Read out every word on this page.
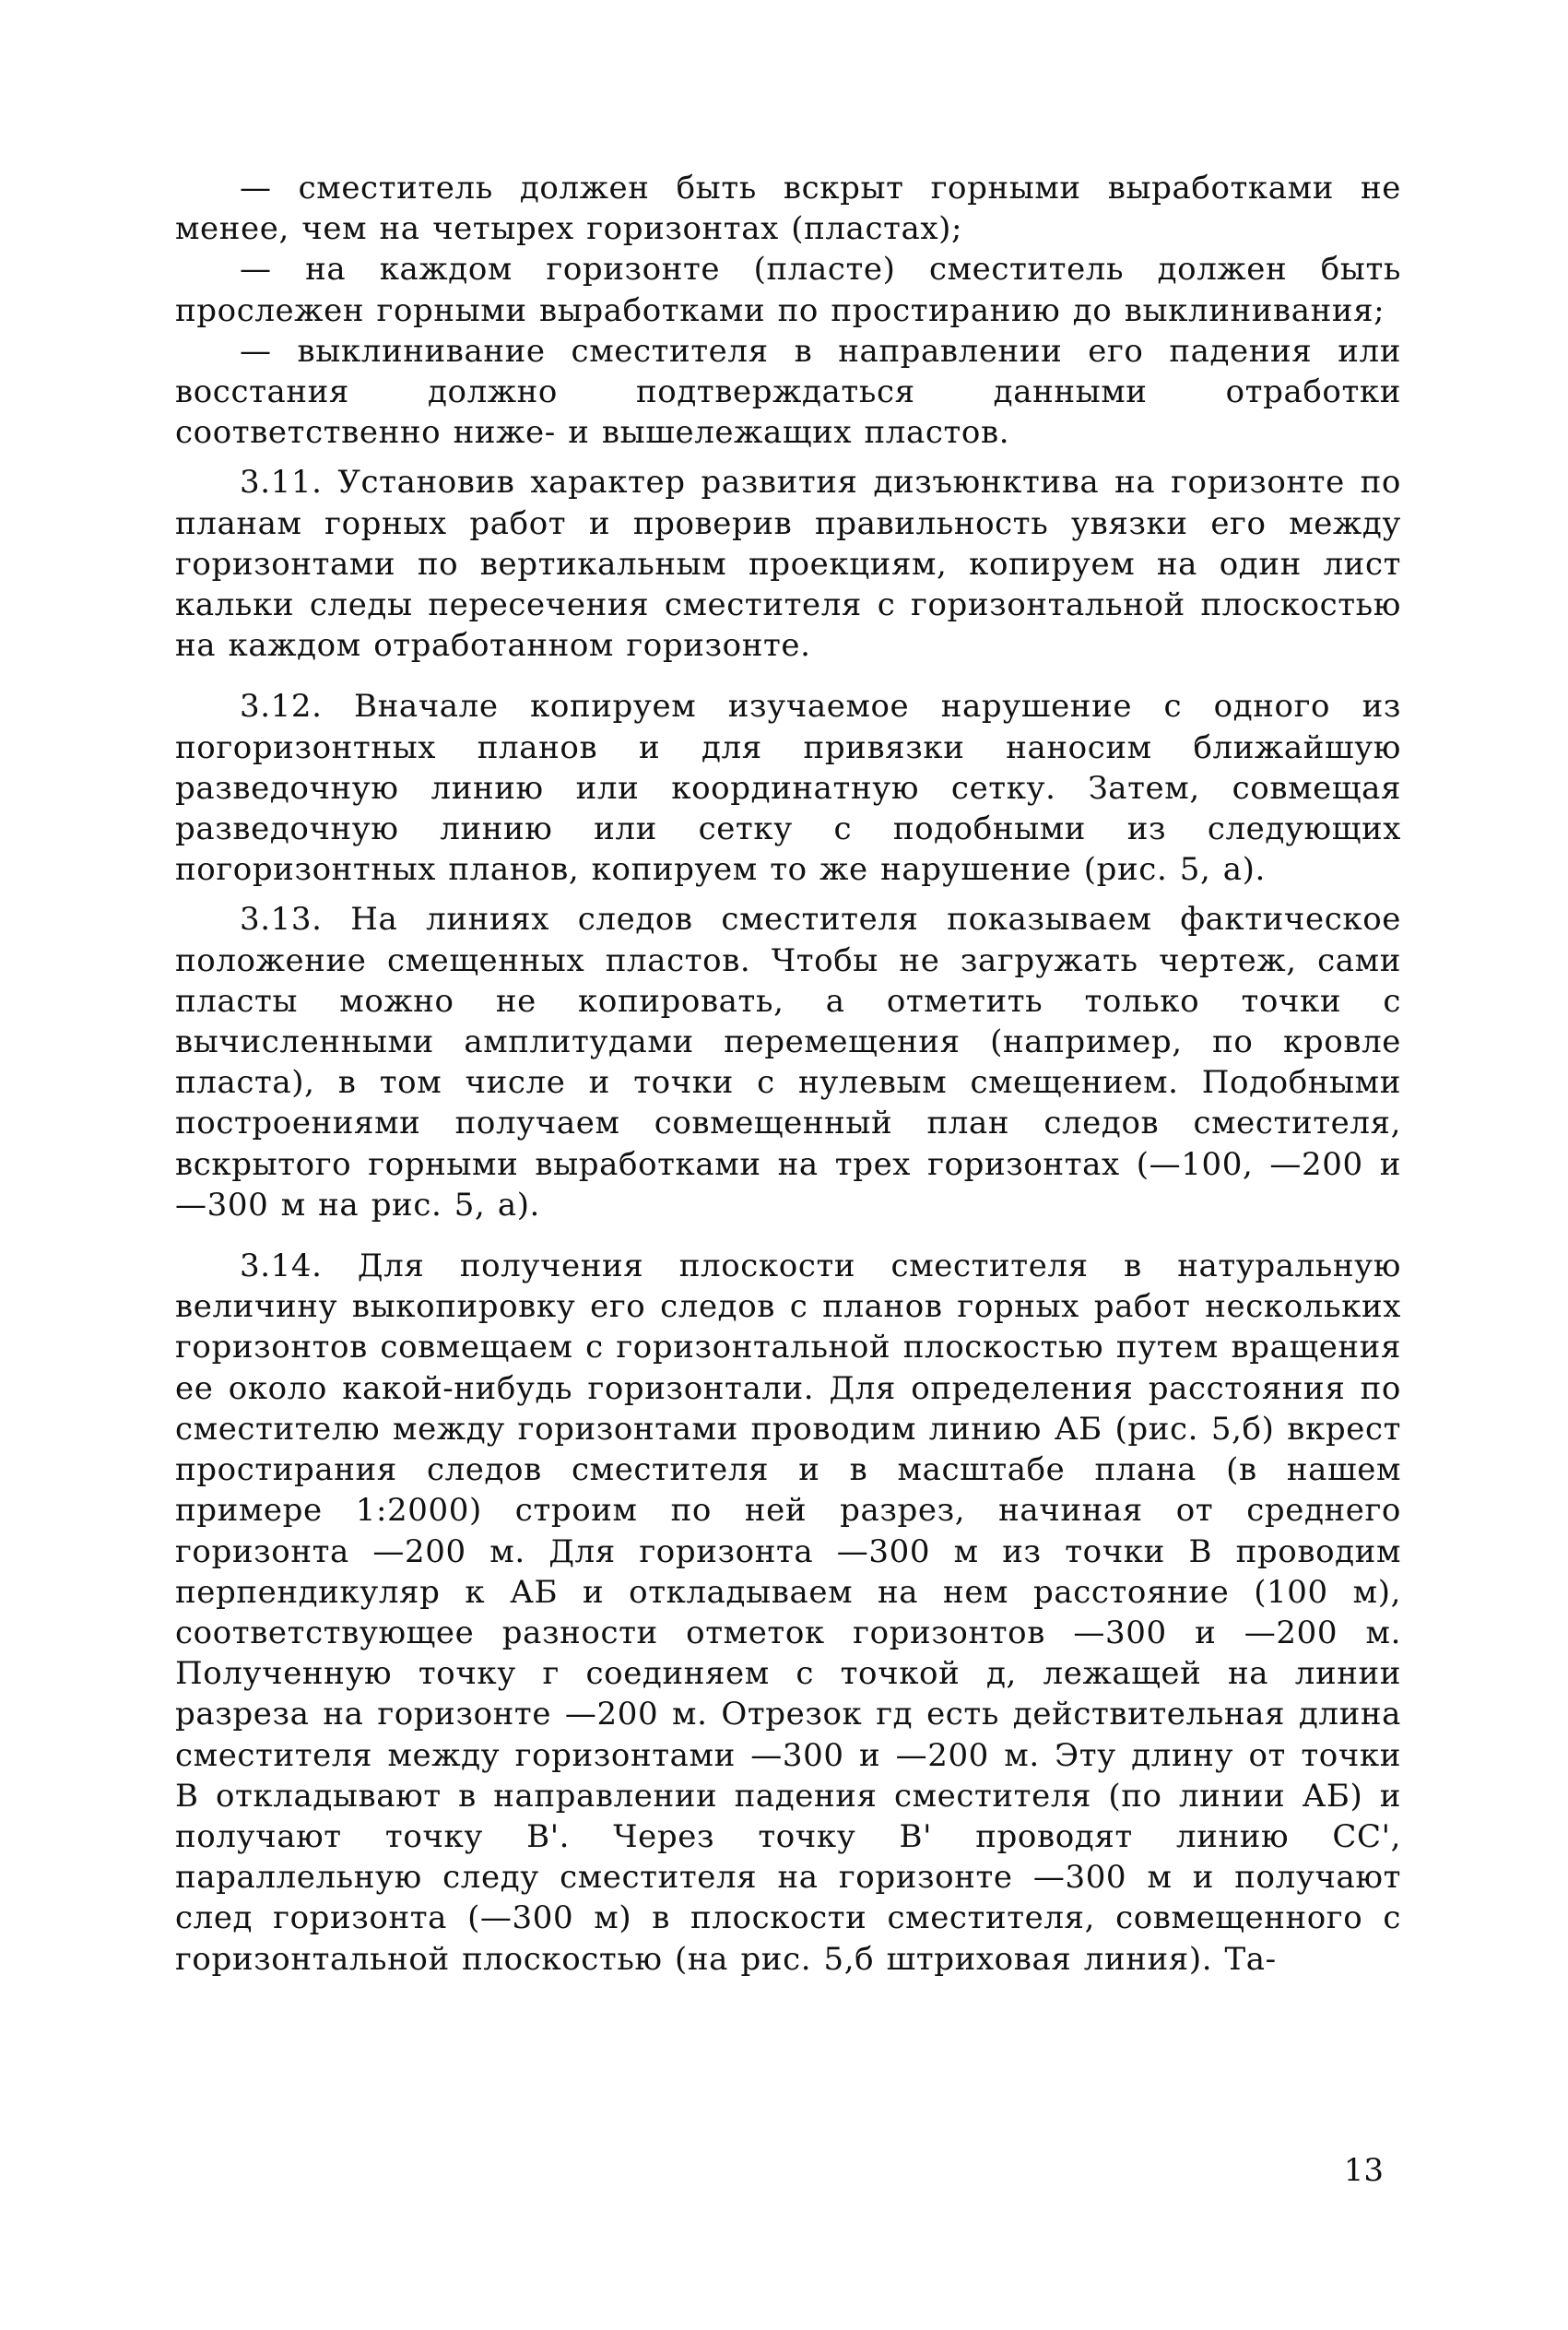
— сместитель должен быть вскрыт горными выработками не менее, чем на четырех горизонтах (пластах);

— на каждом горизонте (пласте) сместитель должен быть прослежен горными выработками по простиранию до выклинивания;

— выклинивание сместителя в направлении его падения или восстания должно подтверждаться данными отработки соответственно ниже- и вышележащих пластов.

3.11. Установив характер развития дизъюнктива на горизонте по планам горных работ и проверив правильность увязки его между горизонтами по вертикальным проекциям, копируем на один лист кальки следы пересечения сместителя с горизонтальной плоскостью на каждом отработанном горизонте.

3.12. Вначале копируем изучаемое нарушение с одного из погоризонтных планов и для привязки наносим ближайшую разведочную линию или координатную сетку. Затем, совмещая разведочную линию или сетку с подобными из следующих погоризонтных планов, копируем то же нарушение (рис. 5, а).

3.13. На линиях следов сместителя показываем фактическое положение смещенных пластов. Чтобы не загружать чертеж, сами пласты можно не копировать, а отметить только точки с вычисленными амплитудами перемещения (например, по кровле пласта), в том числе и точки с нулевым смещением. Подобными построениями получаем совмещенный план следов сместителя, вскрытого горными выработками на трех горизонтах (—100, —200 и —300 м на рис. 5, а).

3.14. Для получения плоскости сместителя в натуральную величину выкопировку его следов с планов горных работ нескольких горизонтов совмещаем с горизонтальной плоскостью путем вращения ее около какой-нибудь горизонтали. Для определения расстояния по сместителю между горизонтами проводим линию АБ (рис. 5,б) вкрест простирания следов сместителя и в масштабе плана (в нашем примере 1:2000) строим по ней разрез, начиная от среднего горизонта —200 м. Для горизонта —300 м из точки В проводим перпендикуляр к АБ и откладываем на нем расстояние (100 м), соответствующее разности отметок горизонтов —300 и —200 м. Полученную точку г соединяем с точкой д, лежащей на линии разреза на горизонте —200 м. Отрезок гд есть действительная длина сместителя между горизонтами —300 и —200 м. Эту длину от точки В откладывают в направлении падения сместителя (по линии АБ) и получают точку В'. Через точку В' проводят линию СС', параллельную следу сместителя на горизонте —300 м и получают след горизонта (—300 м) в плоскости сместителя, совмещенного с горизонтальной плоскостью (на рис. 5,б штриховая линия). Та-

13
